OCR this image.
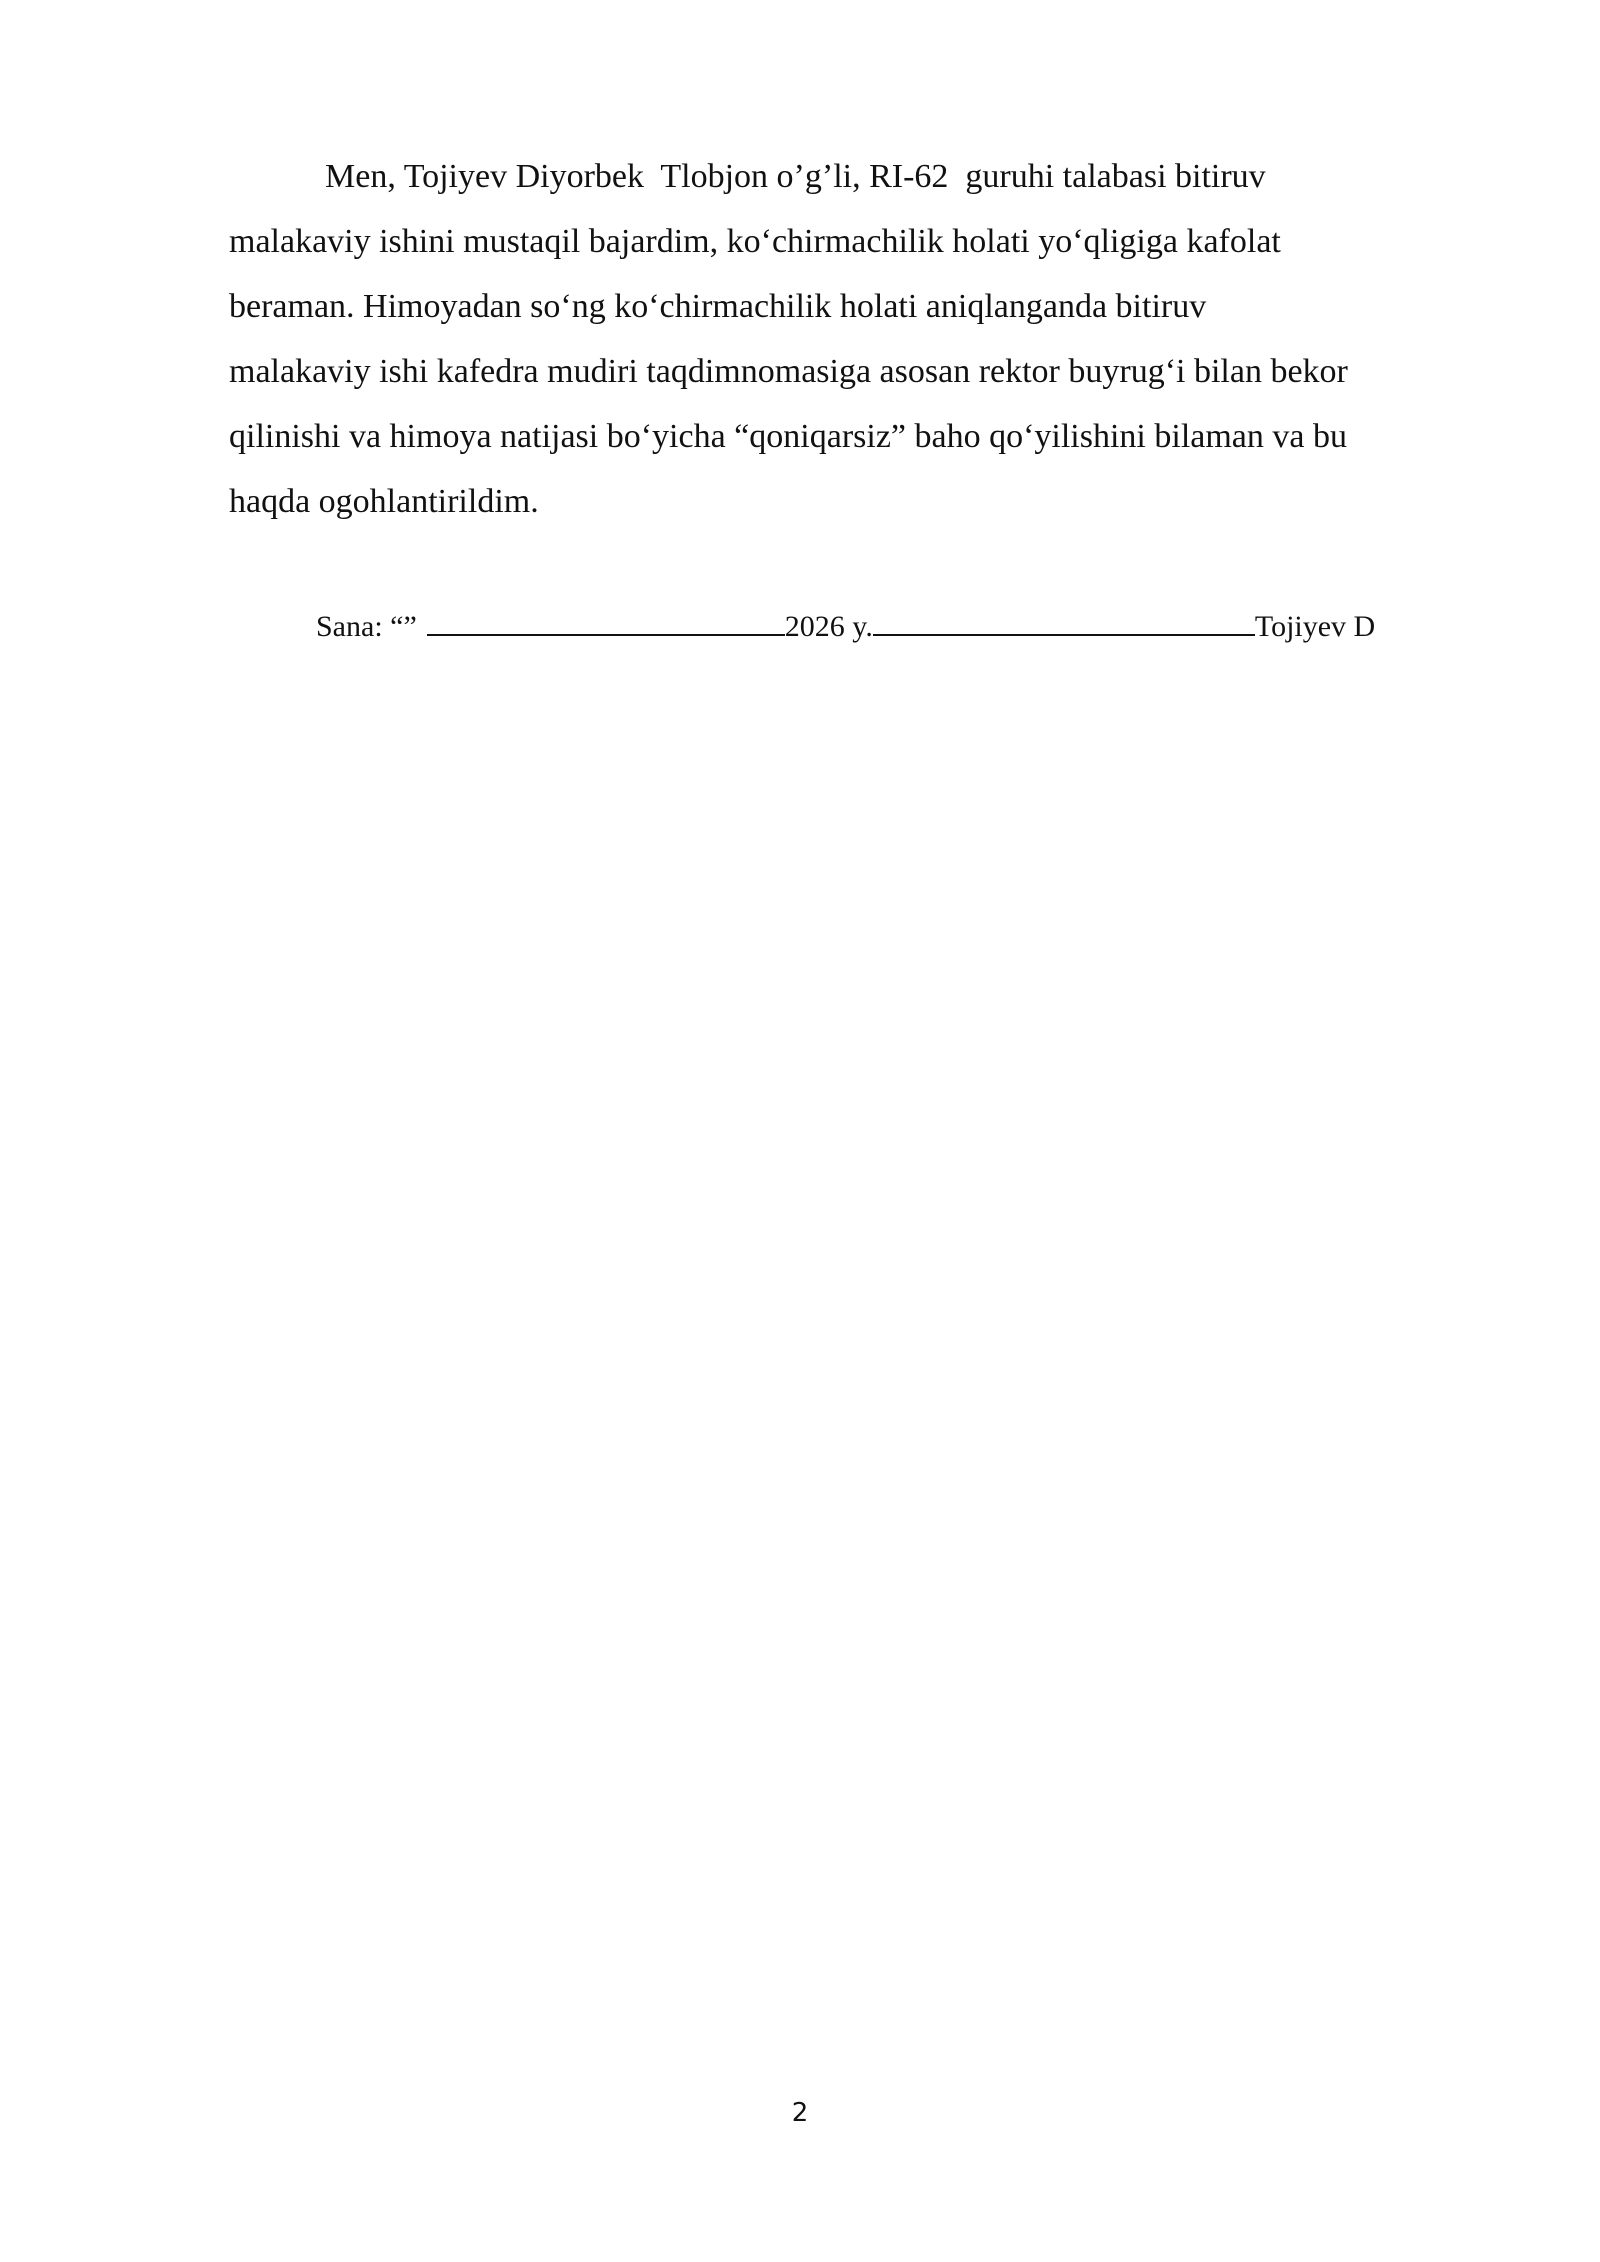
Men, Tojiyev Diyorbek  Tlobjon o’g’li, RI-62  guruhi talabasi bitiruv
malakaviy ishini mustaqil bajardim, ko‘chirmachilik holati yo‘qligiga kafolat
beraman. Himoyadan so‘ng ko‘chirmachilik holati aniqlanganda bitiruv
malakaviy ishi kafedra mudiri taqdimnomasiga asosan rektor buyrug‘i bilan bekor
qilinishi va himoya natijasi bo‘yicha “qoniqarsiz” baho qo‘yilishini bilaman va bu
haqda ogohlantirildim.
Sana: “”	2026 y.	Tojiyev D
2
